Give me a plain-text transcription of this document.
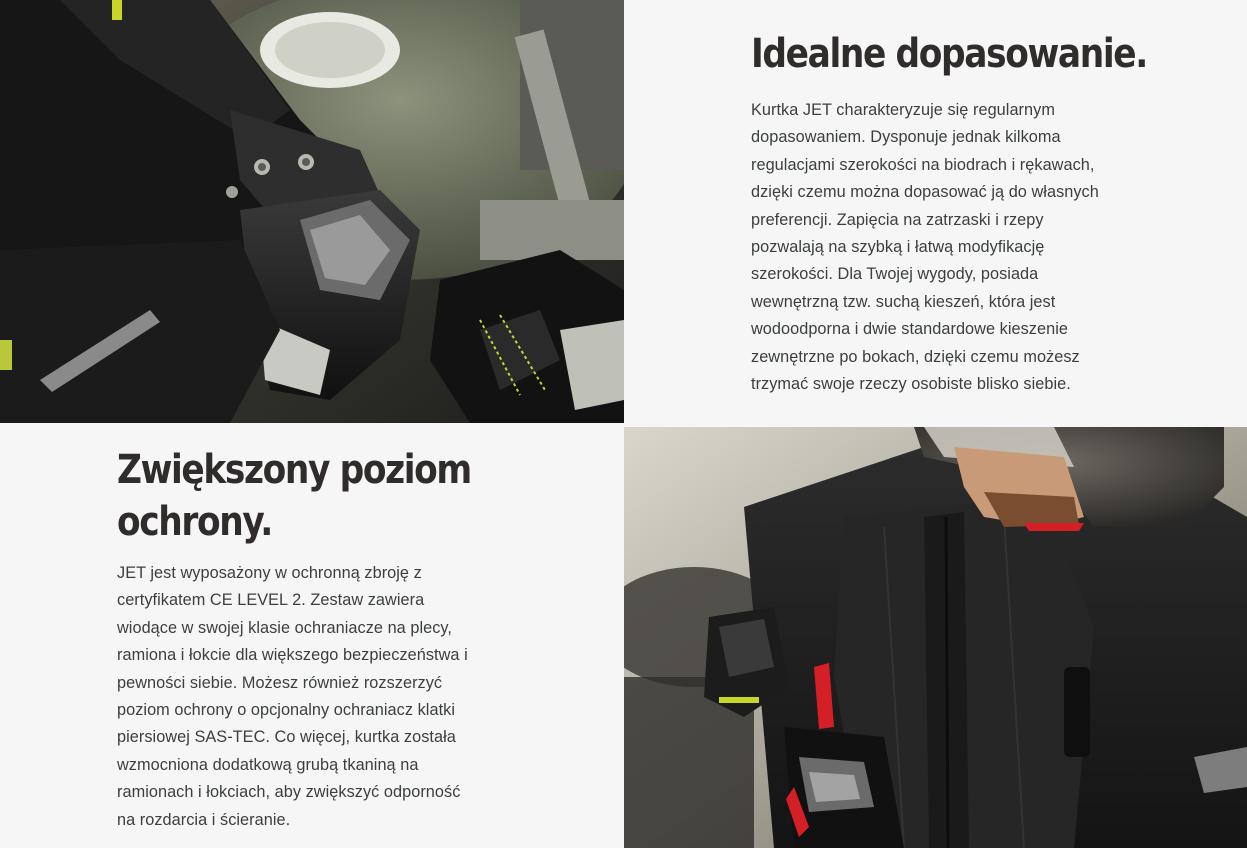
Idealne dopasowanie.

Kurtka JET charakteryzuje się regularnym
dopasowaniem. Dysponuje jednak kilkoma
regulacjami szerokości na biodrach i rękawach,
dzięki czemu można dopasować ją do własnych
preferencji. Zapięcia na zatrzaski i rzepy
pozwalają na szybką i łatwą modyfikację
szerokości. Dla Twojej wygody, posiada
wewnętrzną tzw. suchą kieszeń, która jest
wodoodporna i dwie standardowe kieszenie
zewnętrzne po bokach, dzięki czemu możesz
trzymać swoje rzeczy osobiste blisko siebie.

Zwiększony poziom
ochrony.

JET jest wyposażony w ochronną zbroję z
certyfikatem CE LEVEL 2. Zestaw zawiera
wiodące w swojej klasie ochraniacze na plecy,
ramiona i łokcie dla większego bezpieczeństwa i
pewności siebie. Możesz również rozszerzyć
poziom ochrony o opcjonalny ochraniacz klatki
piersiowej SAS-TEC. Co więcej, kurtka została
wzmocniona dodatkową grubą tkaniną na
ramionach i łokciach, aby zwiększyć odporność
na rozdarcia i ścieranie.
